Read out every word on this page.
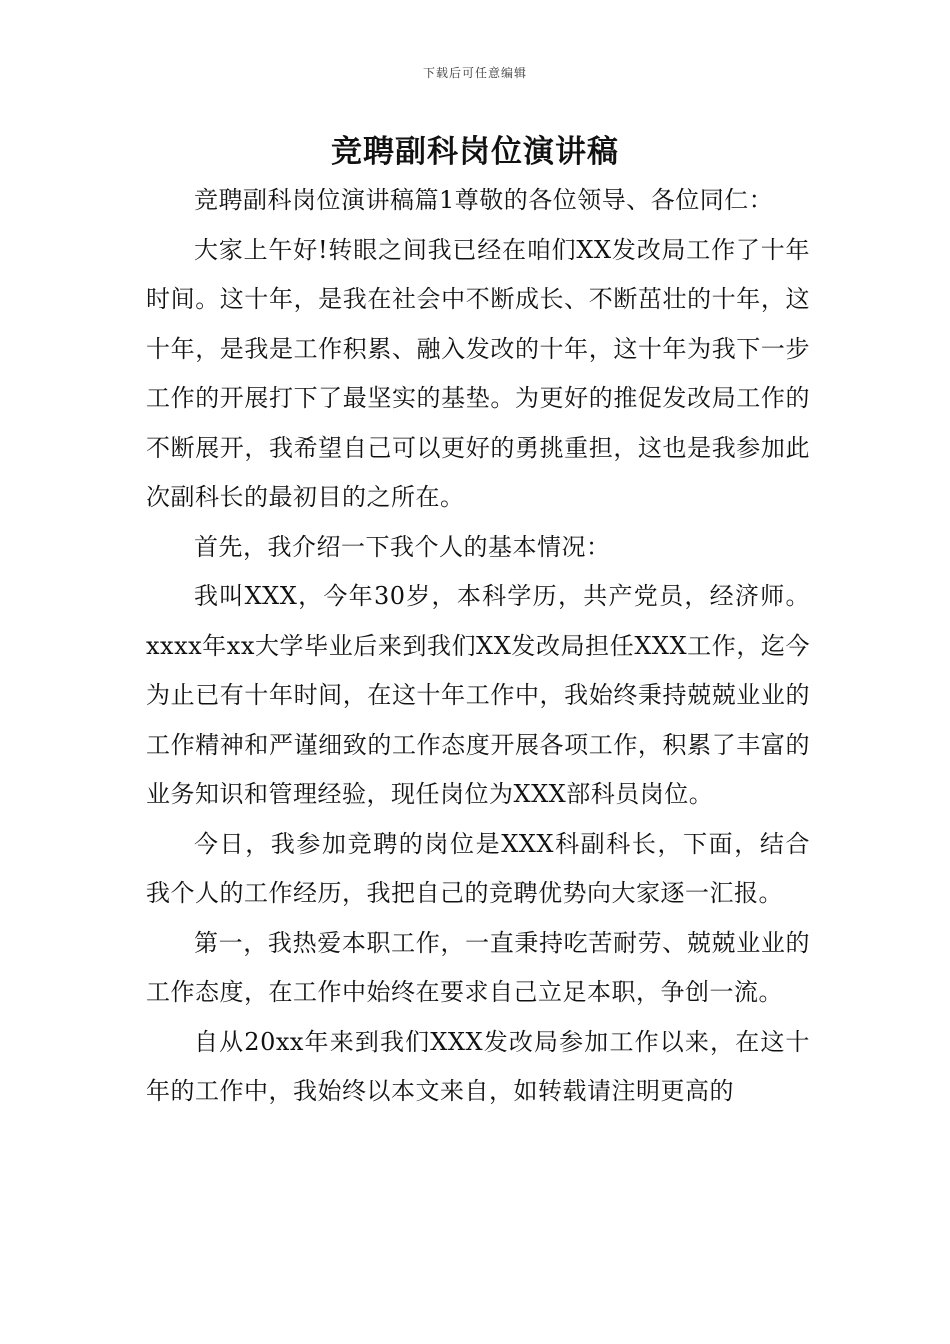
下载后可任意编辑
竞聘副科岗位演讲稿

竞聘副科岗位演讲稿篇1尊敬的各位领导、各位同仁：

大家上午好!转眼之间我已经在咱们XX发改局工作了十年时间。这十年，是我在社会中不断成长、不断茁壮的十年，这十年，是我是工作积累、融入发改的十年，这十年为我下一步工作的开展打下了最坚实的基垫。为更好的推促发改局工作的不断展开，我希望自己可以更好的勇挑重担，这也是我参加此次副科长的最初目的之所在。

首先，我介绍一下我个人的基本情况：

我叫XXX，今年30岁，本科学历，共产党员，经济师。xxxx年xx大学毕业后来到我们XX发改局担任XXX工作，迄今为止已有十年时间，在这十年工作中，我始终秉持兢兢业业的工作精神和严谨细致的工作态度开展各项工作，积累了丰富的业务知识和管理经验，现任岗位为XXX部科员岗位。

今日，我参加竞聘的岗位是XXX科副科长，下面，结合我个人的工作经历，我把自己的竞聘优势向大家逐一汇报。

第一，我热爱本职工作，一直秉持吃苦耐劳、兢兢业业的工作态度，在工作中始终在要求自己立足本职，争创一流。

自从20xx年来到我们XXX发改局参加工作以来，在这十年的工作中，我始终以本文来自，如转载请注明更高的
